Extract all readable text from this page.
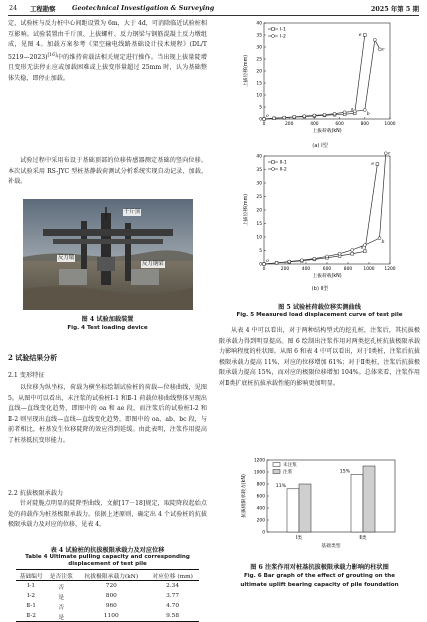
24 工程勘察	Geotechnical Investigation & Surveying	2025 年第 5 期
定，试验桩与反力桩中心间距设置为 6m，大于 4d，可消除临近试验桩相互影响。试验装置由千斤顶、上拔螺杆、反力钢梁与钢筋混凝土反力墩组成，见图 4。加载方案参考《架空输电线路基础设计技术规程》(DL/T 5219—2023)[16]中的维持荷载法相关规定进行操作。当出现上拔量陡增且变形无法停止应或加载困难或上拔变形量超过 25mm 时，认为基础整体失稳，即停止加载。
试验过程中采用布设于基础顶部的位移传感器测定基础的竖向位移。本次试验采用 RS-JYC 型桩基静载荷测试分析系统实现自动记录、加载、补载。
千斤顶
反力墩
反力钢梁
图 4 试验加载装置
Fig. 4 Test loading device
2 试验结果分析
2.1 变形特征
以位移为纵坐标，荷载为横坐标绘制试验桩的荷载—位移曲线，见图 5。从图中可以看出，未注浆的试验桩Ⅰ-1 和Ⅱ-1 荷载位移曲线整体呈现出直线—直线变化趋势，即图中的 oa 和 ae 段，而注浆后的试验桩Ⅰ-2 和Ⅱ-2 则呈现出直线—直线—直线变化趋势，即图中的 oa、ab、bc 段，与前者相比，桩基发生位移陡降的效应得到延缓。由此表明，注浆作用提高了桩基抵抗变形能力。
2.2 抗拔极限承载力
针对陡脆点明显的陡降型曲线，文献[17－18]规定，取陡降段起始点处的荷载作为桩基极限承载力。依据上述原则，确定出 4 个试验桩的抗拔极限承载力及对应的位移，见表 4。
表 4 试验桩的抗拔极限承载力及对应位移
Table 4 Ultimate pulling capacity and corresponding displacement of test pile
基础编号	是否注浆	抗拔极限承载力(kN)	对应位移 (mm)
Ⅰ-1	否	720	2.34
Ⅰ-2	是	800	3.77
Ⅱ-1	否	960	4.70
Ⅱ-2	是	1100	9.58
0	200	400	600	800	1000
0
5
10
15
20
25
30
35
40
上拔荷载(kN)
上拔位移(mm)
Ⅰ-1
Ⅰ-2
o
a
b
c
e
(a) Ⅰ型
0	200	400	600	800	1000 1200
0
5
10
15
20
25
30
35
40
上拔荷载(kN)
上拔位移(mm)
Ⅱ-1
Ⅱ-2
o
a
b
c
e
(b) Ⅱ型
图 5 试验桩荷载位移实测曲线
Fig. 5 Measured load displacement curve of test pile
从表 4 中可以看出，对于两种结构型式的挖孔桩，注浆后，其抗拔极限承载力得到明显提高。图 6 绘制出注浆作用对两类挖孔桩抗拔极限承载力影响程度的柱状图。从图 6 和表 4 中可以看出，对于Ⅰ类桩，注浆后抗拔极限承载力提高 11%，对应的位移增加 61%；对于Ⅱ类桩，注浆后抗拔极限承载力提高 15%，而对应的极限位移增加 104%。总体来看，注浆作用对Ⅱ类扩底桩抗拔承载性能的影响更加明显。
0
200
400
600
800
1000
1200
抗拔极限承载力(kN)
基础类型
Ⅰ类
11%
Ⅱ类
15%
未注浆
注浆
图 6 注浆作用对桩基抗拔极限承载力影响的柱状图
Fig. 6 Bar graph of the effect of grouting on the
ultimate uplift bearing capacity of pile foundation
